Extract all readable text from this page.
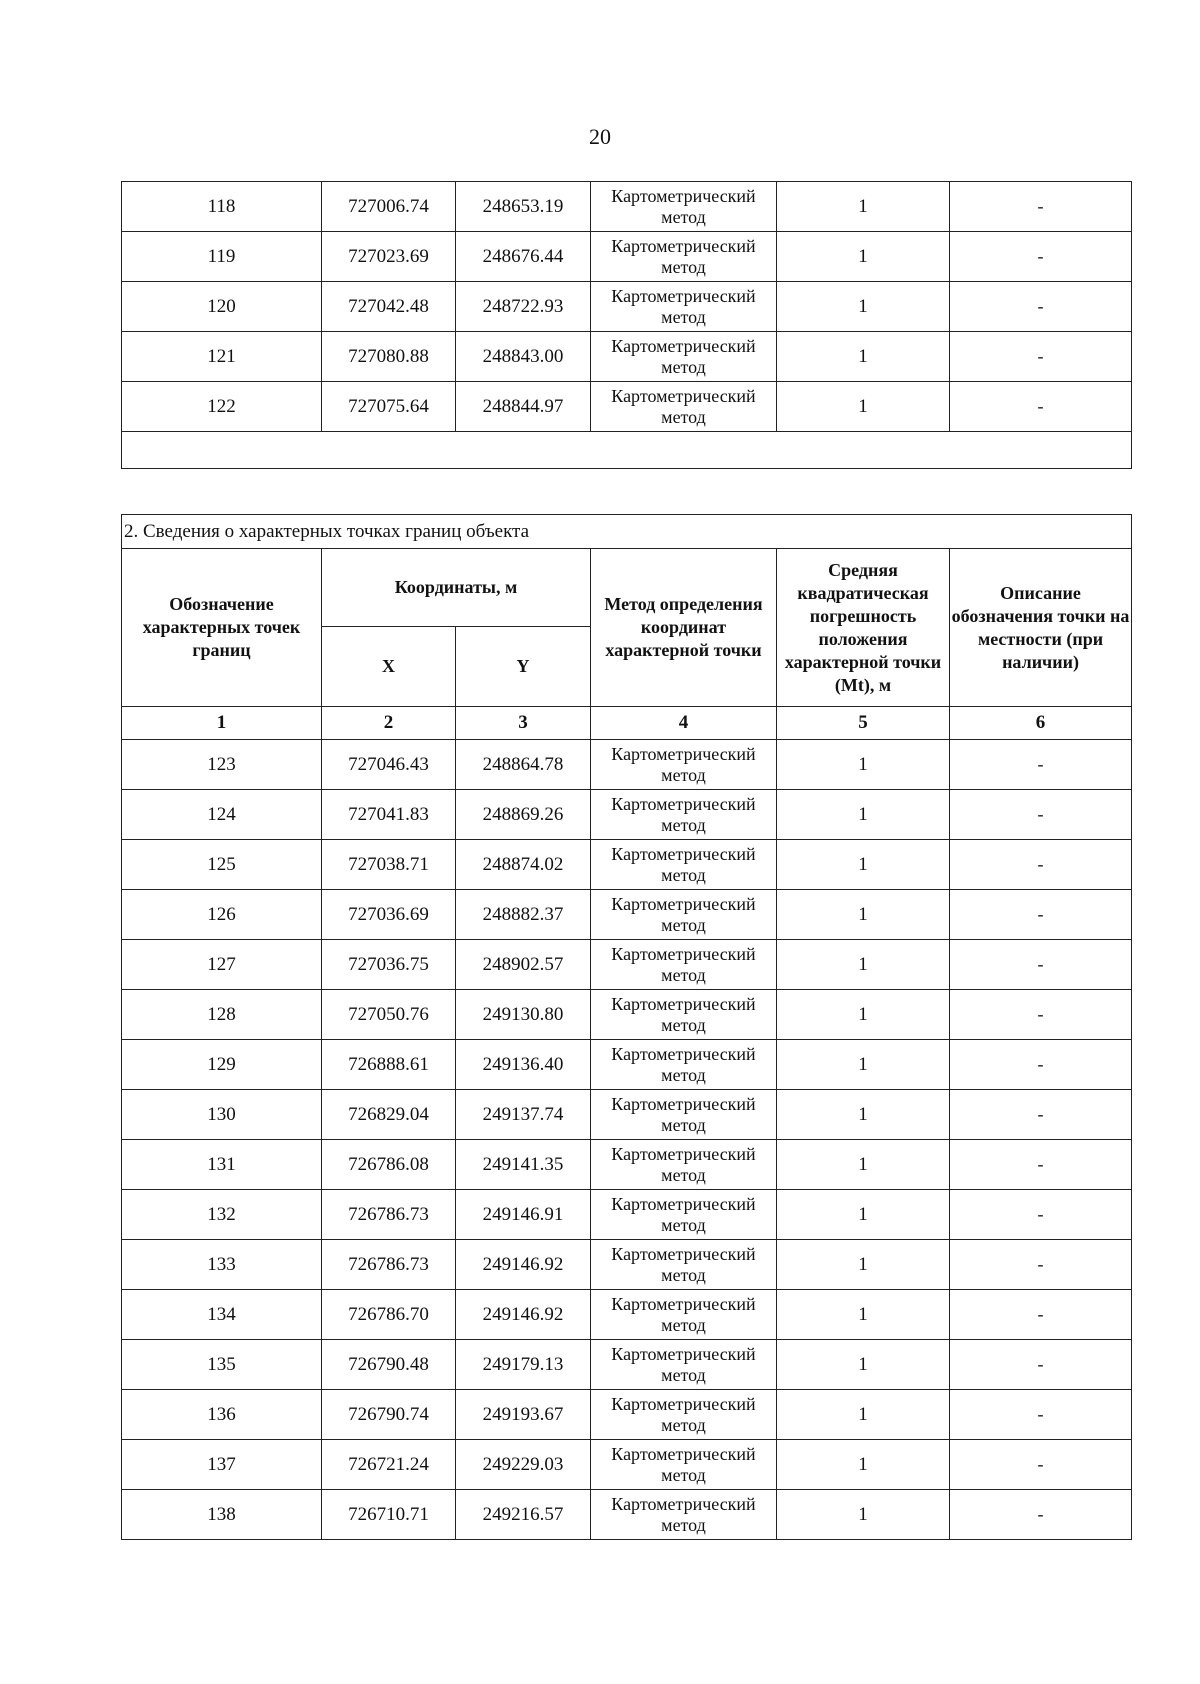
20
118	727006.74	248653.19	Картометрический метод	1	-
119	727023.69	248676.44	Картометрический метод	1	-
120	727042.48	248722.93	Картометрический метод	1	-
121	727080.88	248843.00	Картометрический метод	1	-
122	727075.64	248844.97	Картометрический метод	1	-

2. Сведения о характерных точках границ объекта					
Обозначение характерных точек границ	Координаты, м		Метод определения координат характерной точки	Средняя квадратическая погрешность положения характерной точки (Mt), м	Описание обозначения точки на местности (при наличии)
	X	Y			
1	2	3	4	5	6
123	727046.43	248864.78	Картометрический метод	1	-
124	727041.83	248869.26	Картометрический метод	1	-
125	727038.71	248874.02	Картометрический метод	1	-
126	727036.69	248882.37	Картометрический метод	1	-
127	727036.75	248902.57	Картометрический метод	1	-
128	727050.76	249130.80	Картометрический метод	1	-
129	726888.61	249136.40	Картометрический метод	1	-
130	726829.04	249137.74	Картометрический метод	1	-
131	726786.08	249141.35	Картометрический метод	1	-
132	726786.73	249146.91	Картометрический метод	1	-
133	726786.73	249146.92	Картометрический метод	1	-
134	726786.70	249146.92	Картометрический метод	1	-
135	726790.48	249179.13	Картометрический метод	1	-
136	726790.74	249193.67	Картометрический метод	1	-
137	726721.24	249229.03	Картометрический метод	1	-
138	726710.71	249216.57	Картометрический метод	1	-
